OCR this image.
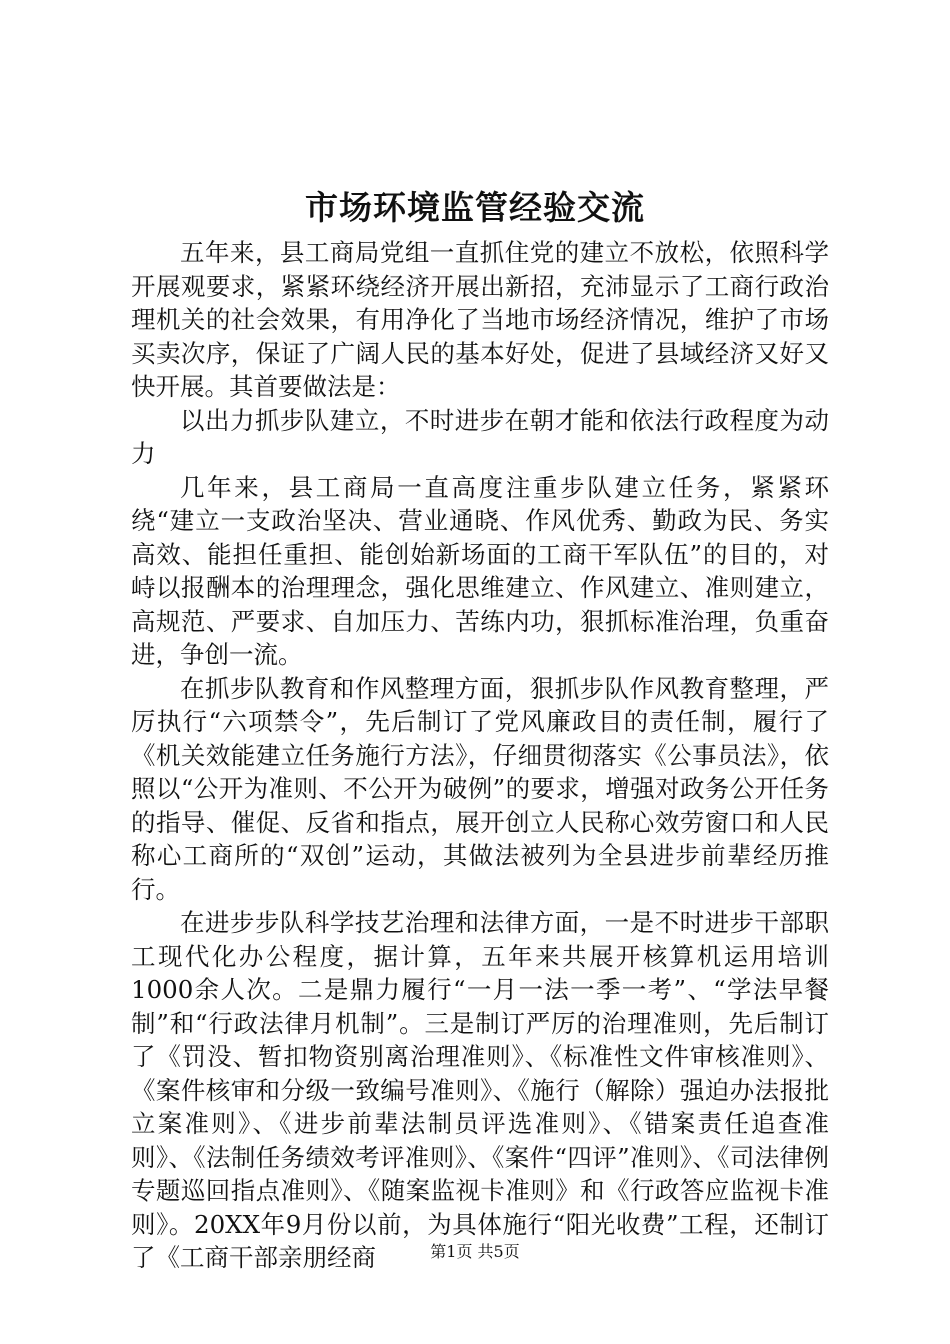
市场环境监管经验交流

五年来，县工商局党组一直抓住党的建立不放松，依照科学开展观要求，紧紧环绕经济开展出新招，充沛显示了工商行政治理机关的社会效果，有用净化了当地市场经济情况，维护了市场买卖次序，保证了广阔人民的基本好处，促进了县域经济又好又快开展。其首要做法是：

以出力抓步队建立，不时进步在朝才能和依法行政程度为动力

几年来，县工商局一直高度注重步队建立任务，紧紧环绕“建立一支政治坚决、营业通晓、作风优秀、勤政为民、务实高效、能担任重担、能创始新场面的工商干军队伍”的目的，对峙以报酬本的治理理念，强化思维建立、作风建立、准则建立，高规范、严要求、自加压力、苦练内功，狠抓标准治理，负重奋进，争创一流。

在抓步队教育和作风整理方面，狠抓步队作风教育整理，严厉执行“六项禁令”，先后制订了党风廉政目的责任制，履行了《机关效能建立任务施行方法》，仔细贯彻落实《公事员法》，依照以“公开为准则、不公开为破例”的要求，增强对政务公开任务的指导、催促、反省和指点，展开创立人民称心效劳窗口和人民称心工商所的“双创”运动，其做法被列为全县进步前辈经历推行。

在进步步队科学技艺治理和法律方面，一是不时进步干部职工现代化办公程度，据计算，五年来共展开核算机运用培训1000余人次。二是鼎力履行“一月一法一季一考”、“学法早餐制”和“行政法律月机制”。三是制订严厉的治理准则，先后制订了《罚没、暂扣物资别离治理准则》、《标准性文件审核准则》、《案件核审和分级一致编号准则》、《施行（解除）强迫办法报批立案准则》、《进步前辈法制员评选准则》、《错案责任追查准则》、《法制任务绩效考评准则》、《案件“四评”准则》、《司法律例专题巡回指点准则》、《随案监视卡准则》和《行政答应监视卡准则》。20XX年9月份以前，为具体施行“阳光收费”工程，还制订了《工商干部亲朋经商	第1页 共5页
